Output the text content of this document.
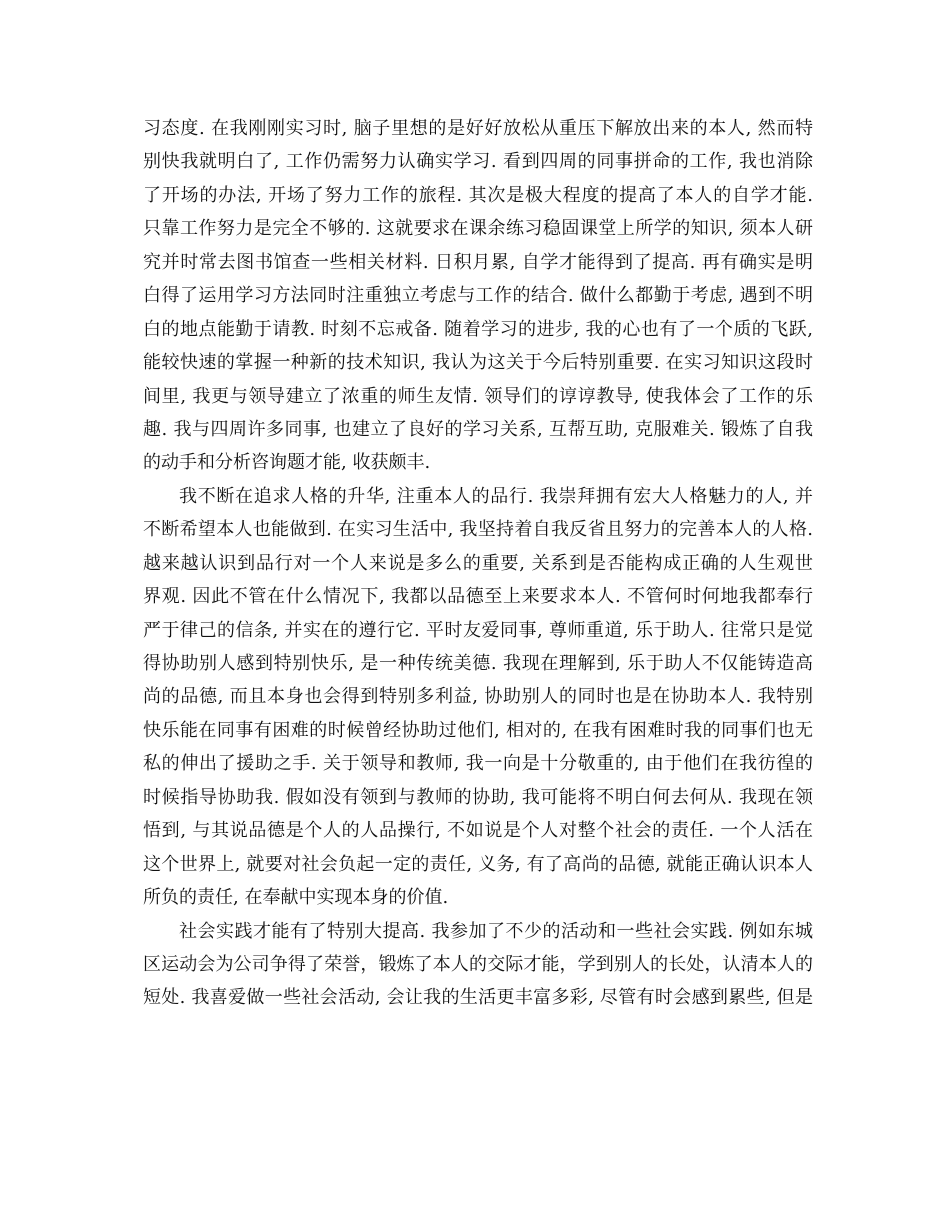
习态度. 在我刚刚实习时, 脑子里想的是好好放松从重压下解放出来的本人, 然而特
别快我就明白了, 工作仍需努力认确实学习. 看到四周的同事拼命的工作, 我也消除
了开场的办法, 开场了努力工作的旅程. 其次是极大程度的提高了本人的自学才能.
只靠工作努力是完全不够的. 这就要求在课余练习稳固课堂上所学的知识, 须本人研
究并时常去图书馆查一些相关材料. 日积月累, 自学才能得到了提高. 再有确实是明
白得了运用学习方法同时注重独立考虑与工作的结合. 做什么都勤于考虑, 遇到不明
白的地点能勤于请教. 时刻不忘戒备. 随着学习的进步, 我的心也有了一个质的飞跃,
能较快速的掌握一种新的技术知识, 我认为这关于今后特别重要. 在实习知识这段时
间里, 我更与领导建立了浓重的师生友情. 领导们的谆谆教导, 使我体会了工作的乐
趣. 我与四周许多同事, 也建立了良好的学习关系, 互帮互助, 克服难关. 锻炼了自我
的动手和分析咨询题才能, 收获颇丰.
我不断在追求人格的升华, 注重本人的品行. 我崇拜拥有宏大人格魅力的人, 并
不断希望本人也能做到. 在实习生活中, 我坚持着自我反省且努力的完善本人的人格.
越来越认识到品行对一个人来说是多么的重要, 关系到是否能构成正确的人生观世
界观. 因此不管在什么情况下, 我都以品德至上来要求本人. 不管何时何地我都奉行
严于律己的信条, 并实在的遵行它. 平时友爱同事, 尊师重道, 乐于助人. 往常只是觉
得协助别人感到特别快乐, 是一种传统美德. 我现在理解到, 乐于助人不仅能铸造高
尚的品德, 而且本身也会得到特别多利益, 协助别人的同时也是在协助本人. 我特别
快乐能在同事有困难的时候曾经协助过他们, 相对的, 在我有困难时我的同事们也无
私的伸出了援助之手. 关于领导和教师, 我一向是十分敬重的, 由于他们在我彷徨的
时候指导协助我. 假如没有领到与教师的协助, 我可能将不明白何去何从. 我现在领
悟到, 与其说品德是个人的人品操行, 不如说是个人对整个社会的责任. 一个人活在
这个世界上, 就要对社会负起一定的责任, 义务, 有了高尚的品德, 就能正确认识本人
所负的责任, 在奉献中实现本身的价值.
社会实践才能有了特别大提高. 我参加了不少的活动和一些社会实践. 例如东城
区运动会为公司争得了荣誉，锻炼了本人的交际才能，学到别人的长处，认清本人的
短处. 我喜爱做一些社会活动, 会让我的生活更丰富多彩, 尽管有时会感到累些, 但是
